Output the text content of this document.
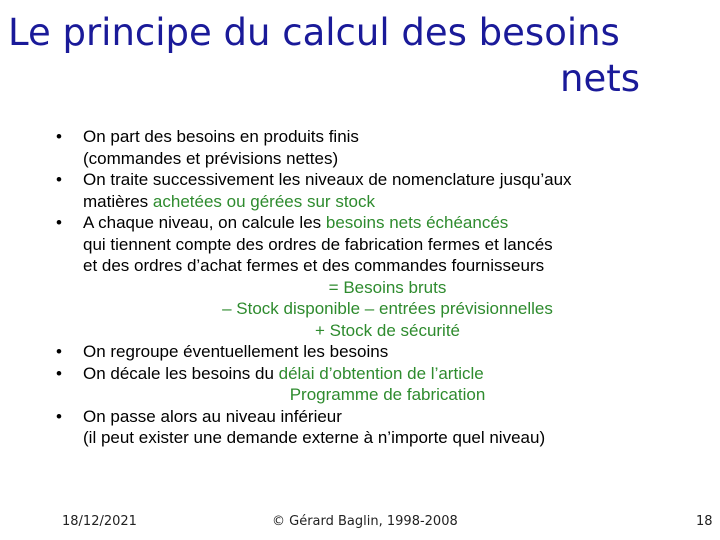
Le principe du calcul des besoins
nets
• On part des besoins en produits finis
(commandes et prévisions nettes)
• On traite successivement les niveaux de nomenclature jusqu’aux
matières achetées ou gérées sur stock
• A chaque niveau, on calcule les besoins nets échéancés
qui tiennent compte des ordres de fabrication fermes et lancés
et des ordres d’achat fermes et des commandes fournisseurs
= Besoins bruts
– Stock disponible – entrées prévisionnelles
+ Stock de sécurité
• On regroupe éventuellement les besoins
• On décale les besoins du délai d’obtention de l’article
Programme de fabrication
• On passe alors au niveau inférieur
(il peut exister une demande externe à n’importe quel niveau)
18/12/2021	© Gérard Baglin, 1998-2008	18
